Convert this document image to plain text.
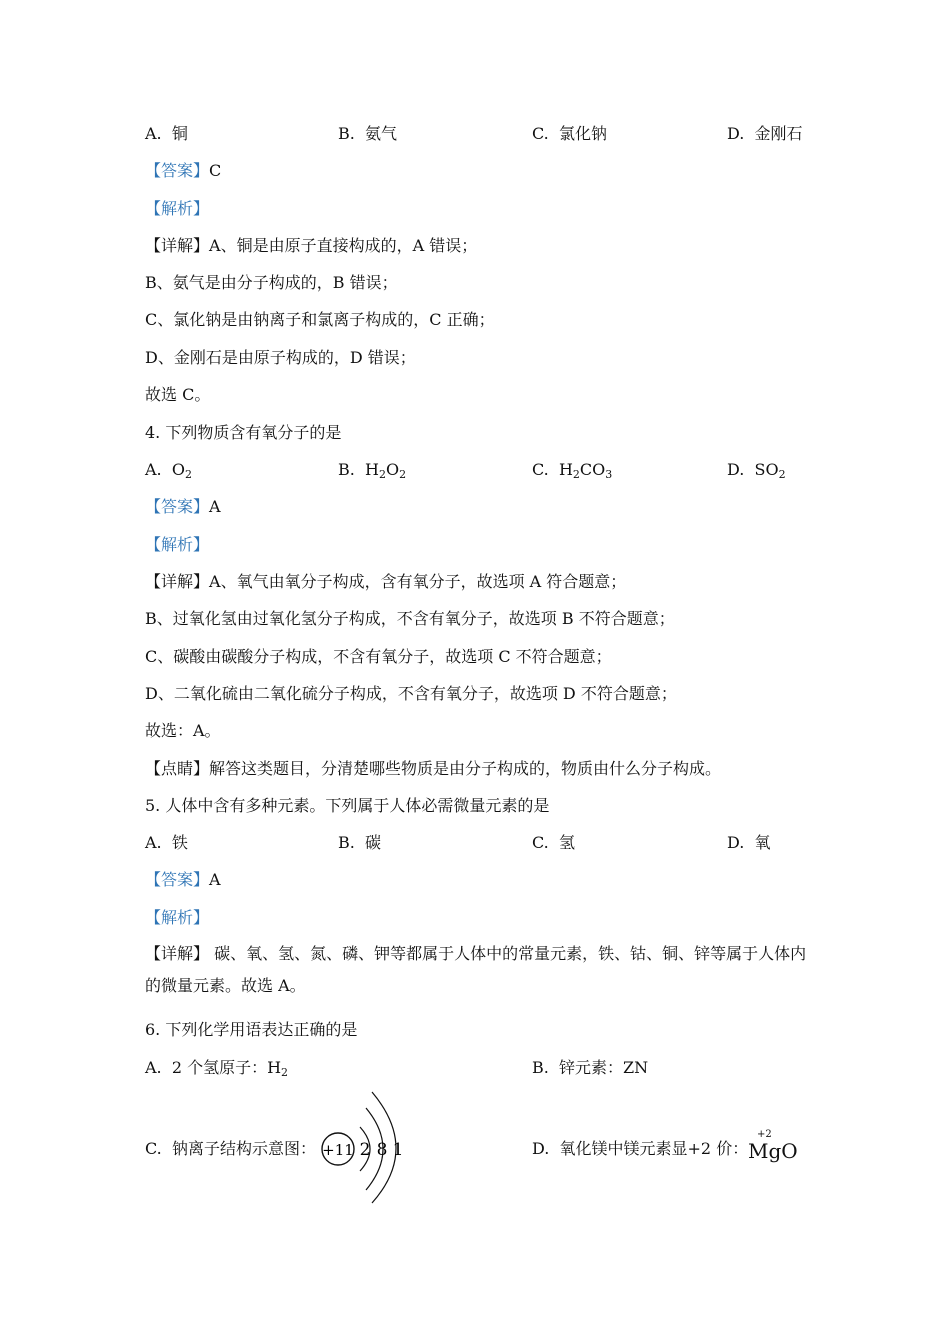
A. 铜	B. 氨气	C. 氯化钠	D. 金刚石
【答案】C
【解析】
【详解】A、铜是由原子直接构成的，A 错误；
B、氨气是由分子构成的，B 错误；
C、氯化钠是由钠离子和氯离子构成的，C 正确；
D、金刚石是由原子构成的，D 错误；
故选 C。
4. 下列物质含有氧分子的是
A. $O_2$	B. $H_2O_2$	C. $H_2CO_3$	D. $SO_2$
【答案】A
【解析】
【详解】A、氧气由氧分子构成，含有氧分子，故选项 A 符合题意；
B、过氧化氢由过氧化氢分子构成，不含有氧分子，故选项 B 不符合题意；
C、碳酸由碳酸分子构成，不含有氧分子，故选项 C 不符合题意；
D、二氧化硫由二氧化硫分子构成，不含有氧分子，故选项 D 不符合题意；
故选：A。
【点睛】解答这类题目，分清楚哪些物质是由分子构成的，物质由什么分子构成。
5. 人体中含有多种元素。下列属于人体必需微量元素的是
A. 铁	B. 碳	C. 氢	D. 氧
【答案】A
【解析】
【详解】 碳、氧、氢、氮、磷、钾等都属于人体中的常量元素，铁、钴、铜、锌等属于人体内的微量元素。故选 A。
6. 下列化学用语表达正确的是
A. 2 个氢原子：$H_2$	B. 锌元素：ZN
C. 钠离子结构示意图：	D. 氧化镁中镁元素显+2 价：
+11 2 8 1
+2
MgO
